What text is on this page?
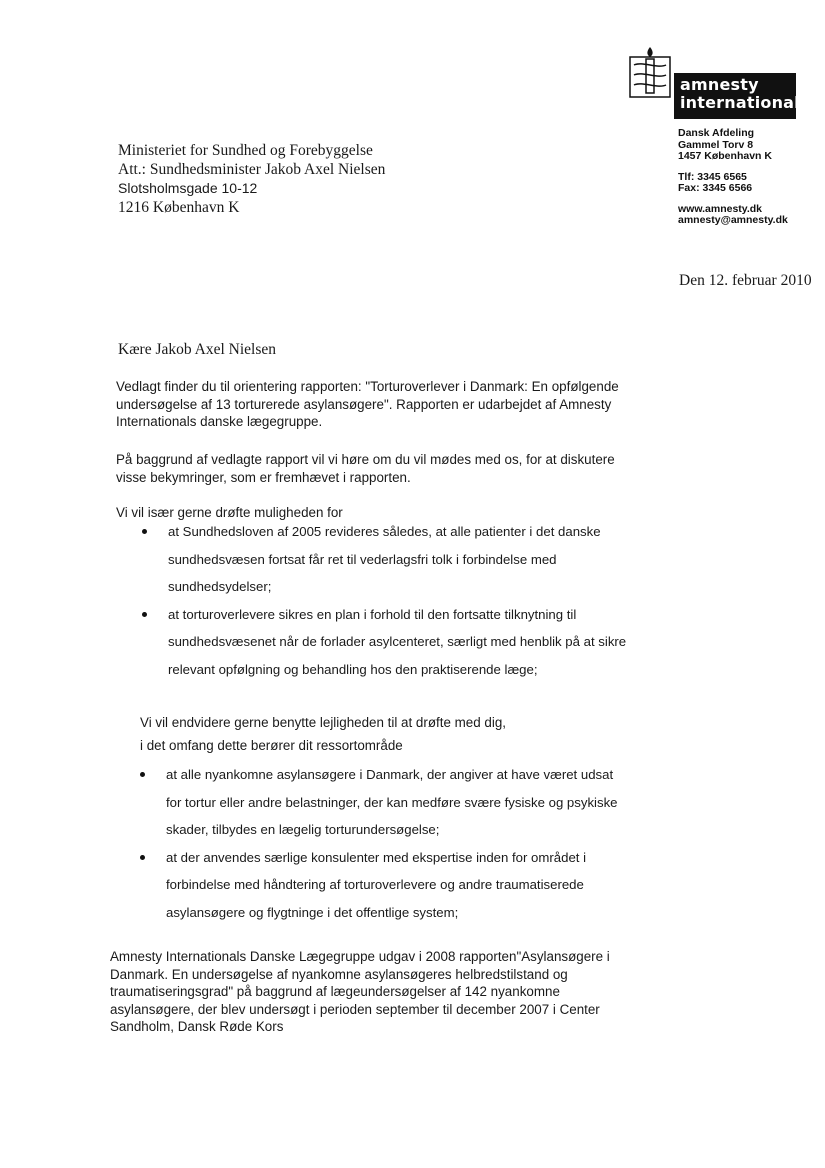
amnesty
international
Dansk Afdeling
Gammel Torv 8
1457 København K
Tlf: 3345 6565
Fax: 3345 6566
www.amnesty.dk
amnesty@amnesty.dk
Ministeriet for Sundhed og Forebyggelse
Att.: Sundhedsminister Jakob Axel Nielsen
Slotsholmsgade 10-12
1216 København K
Den 12. februar 2010
Kære Jakob Axel Nielsen
Vedlagt finder du til orientering rapporten: "Torturoverlever i Danmark: En opfølgende
undersøgelse af 13 torturerede asylansøgere". Rapporten er udarbejdet af Amnesty
Internationals danske lægegruppe.
På baggrund af vedlagte rapport vil vi høre om du vil mødes med os, for at diskutere
visse bekymringer, som er fremhævet i rapporten.
Vi vil især gerne drøfte muligheden for
at Sundhedsloven af 2005 revideres således, at alle patienter i det danske
sundhedsvæsen fortsat får ret til vederlagsfri tolk i forbindelse med
sundhedsydelser;
at torturoverlevere sikres en plan i forhold til den fortsatte tilknytning til
sundhedsvæsenet når de forlader asylcenteret, særligt med henblik på at sikre
relevant opfølgning og behandling hos den praktiserende læge;
Vi vil endvidere gerne benytte lejligheden til at drøfte med dig,
i det omfang dette berører dit ressortområde
at alle nyankomne asylansøgere i Danmark, der angiver at have været udsat
for tortur eller andre belastninger, der kan medføre svære fysiske og psykiske
skader, tilbydes en lægelig torturundersøgelse;
at der anvendes særlige konsulenter med ekspertise inden for området i
forbindelse med håndtering af torturoverlevere og andre traumatiserede
asylansøgere og flygtninge i det offentlige system;
Amnesty Internationals Danske Lægegruppe udgav i 2008 rapporten"Asylansøgere i
Danmark. En undersøgelse af nyankomne asylansøgeres helbredstilstand og
traumatiseringsgrad" på baggrund af lægeundersøgelser af 142 nyankomne
asylansøgere, der blev undersøgt i perioden september til december 2007 i Center
Sandholm, Dansk Røde Kors
